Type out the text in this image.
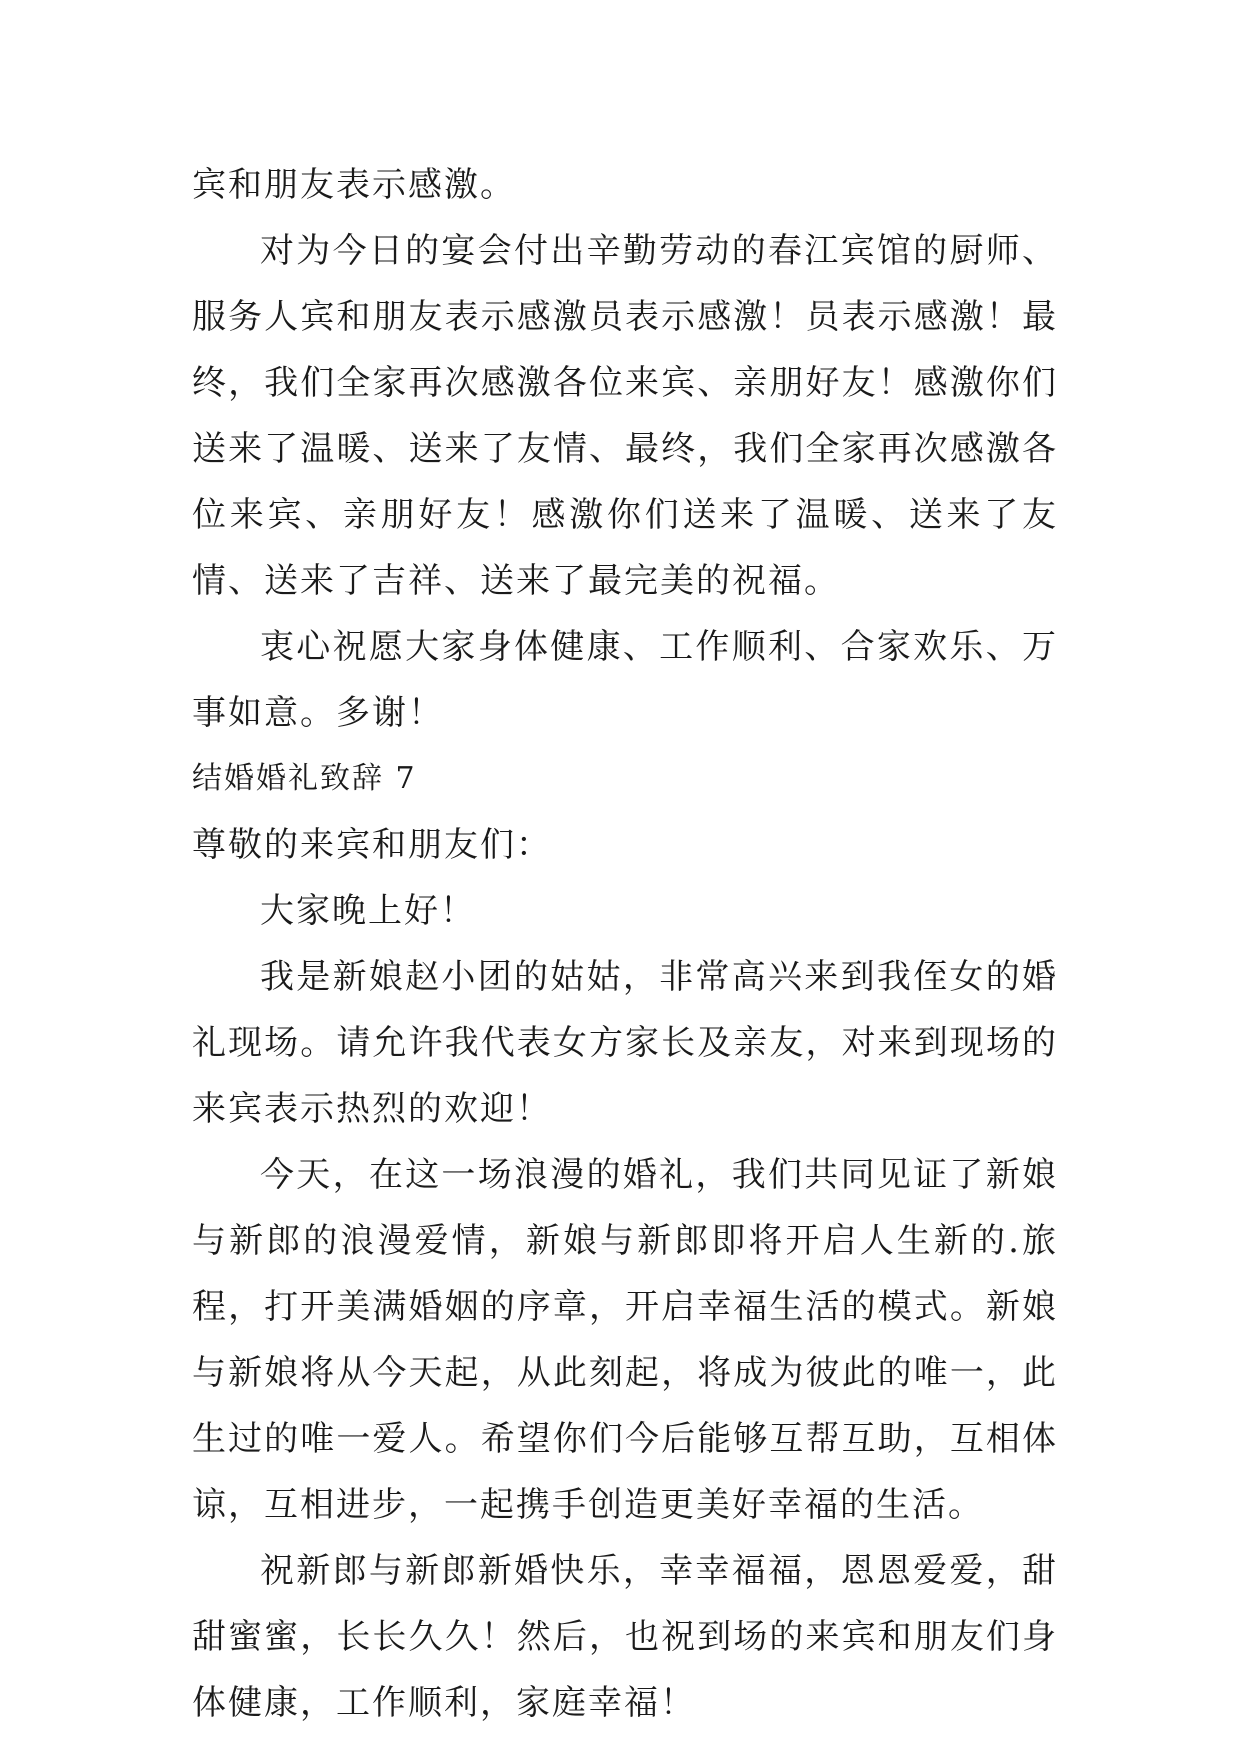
宾和朋友表示感激。

对为今日的宴会付出辛勤劳动的春江宾馆的厨师、服务人宾和朋友表示感激员表示感激！员表示感激！最终，我们全家再次感激各位来宾、亲朋好友！感激你们送来了温暖、送来了友情、最终，我们全家再次感激各位来宾、亲朋好友！感激你们送来了温暖、送来了友情、送来了吉祥、送来了最完美的祝福。

衷心祝愿大家身体健康、工作顺利、合家欢乐、万事如意。多谢！

结婚婚礼致辞 7

尊敬的来宾和朋友们：

大家晚上好！

我是新娘赵小团的姑姑，非常高兴来到我侄女的婚礼现场。请允许我代表女方家长及亲友，对来到现场的来宾表示热烈的欢迎！

今天，在这一场浪漫的婚礼，我们共同见证了新娘与新郎的浪漫爱情，新娘与新郎即将开启人生新的.旅程，打开美满婚姻的序章，开启幸福生活的模式。新娘与新娘将从今天起，从此刻起，将成为彼此的唯一，此生过的唯一爱人。希望你们今后能够互帮互助，互相体谅，互相进步，一起携手创造更美好幸福的生活。

祝新郎与新郎新婚快乐，幸幸福福，恩恩爱爱，甜甜蜜蜜，长长久久！然后，也祝到场的来宾和朋友们身体健康，工作顺利，家庭幸福！
